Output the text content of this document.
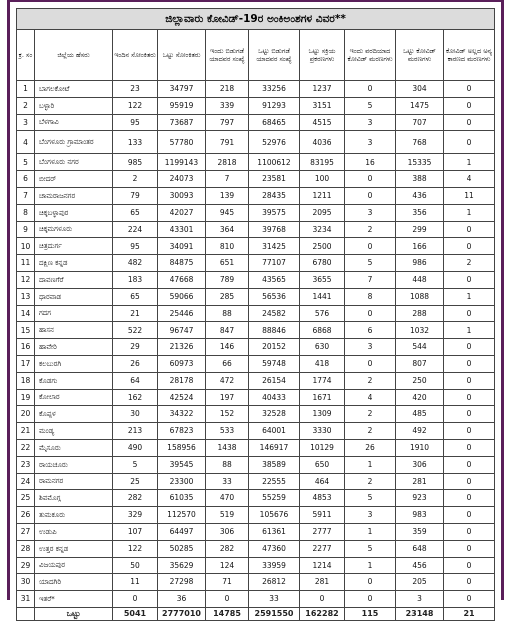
ಜಿಲ್ಲಾವಾರು ಕೋವಿಡ್-19ರ ಅಂಕಿಅಂಶಗಳ ವಿವರ**									
ಕ್ರ. ಸಂ	ಜಿಲ್ಲೆಯ ಹೆಸರು	ಇಂದಿನ ಸೋಂಕಿತರು	ಒಟ್ಟು ಸೋಂಕಿತರು	ಇಂದು ಬಿಡುಗಡೆ ಯಾದವರ ಸಂಖ್ಯೆ	ಒಟ್ಟು ಬಿಡುಗಡೆ ಯಾದವರ ಸಂಖ್ಯೆ	ಒಟ್ಟು ಸಕ್ರಿಯ ಪ್ರಕರಣಗಳು	ಇಂದು ವರದಿಯಾದ ಕೋವಿಡ್ ಮರಣಗಳು	ಒಟ್ಟು ಕೋವಿಡ್ ಮರಣಗಳು	ಕೋವಿಡ್ ಅಲ್ಲದ ಅನ್ಯ ಕಾರಣದ ಮರಣಗಳು
1	ಬಾಗಲಕೋಟೆ	23	34797	218	33256	1237	0	304	0
2	ಬಳ್ಳಾರಿ	122	95919	339	91293	3151	5	1475	0
3	ಬೆಳಗಾವಿ	95	73687	797	68465	4515	3	707	0
4	ಬೆಂಗಳೂರು ಗ್ರಾಮಾಂತರ	133	57780	791	52976	4036	3	768	0
5	ಬೆಂಗಳೂರು ನಗರ	985	1199143	2818	1100612	83195	16	15335	1
6	ಬೀದರ್	2	24073	7	23581	100	0	388	4
7	ಚಾಮರಾಜನಗರ	79	30093	139	28435	1211	0	436	11
8	ಚಿಕ್ಕಬಳ್ಳಾಪುರ	65	42027	945	39575	2095	3	356	1
9	ಚಿಕ್ಕಮಗಳೂರು	224	43301	364	39768	3234	2	299	0
10	ಚಿತ್ರದುರ್ಗ	95	34091	810	31425	2500	0	166	0
11	ದಕ್ಷಿಣ ಕನ್ನಡ	482	84875	651	77107	6780	5	986	2
12	ದಾವಣಗೆರೆ	183	47668	789	43565	3655	7	448	0
13	ಧಾರವಾಡ	65	59066	285	56536	1441	8	1088	1
14	ಗದಗ	21	25446	88	24582	576	0	288	0
15	ಹಾಸನ	522	96747	847	88846	6868	6	1032	1
16	ಹಾವೇರಿ	29	21326	146	20152	630	3	544	0
17	ಕಲಬುರಗಿ	26	60973	66	59748	418	0	807	0
18	ಕೊಡಗು	64	28178	472	26154	1774	2	250	0
19	ಕೋಲಾರ	162	42524	197	40433	1671	4	420	0
20	ಕೊಪ್ಪಳ	30	34322	152	32528	1309	2	485	0
21	ಮಂಡ್ಯ	213	67823	533	64001	3330	2	492	0
22	ಮೈಸೂರು	490	158956	1438	146917	10129	26	1910	0
23	ರಾಯಚೂರು	5	39545	88	38589	650	1	306	0
24	ರಾಮನಗರ	25	23300	33	22555	464	2	281	0
25	ಶಿವಮೊಗ್ಗ	282	61035	470	55259	4853	5	923	0
26	ತುಮಕೂರು	329	112570	519	105676	5911	3	983	0
27	ಉಡುಪಿ	107	64497	306	61361	2777	1	359	0
28	ಉತ್ತರ ಕನ್ನಡ	122	50285	282	47360	2277	5	648	0
29	ವಿಜಯಪುರ	50	35629	124	33959	1214	1	456	0
30	ಯಾದಗಿರಿ	11	27298	71	26812	281	0	205	0
31	ಇತರೆ*	0	36	0	33	0	0	3	0
	ಒಟ್ಟು	5041	2777010	14785	2591550	162282	115	23148	21
